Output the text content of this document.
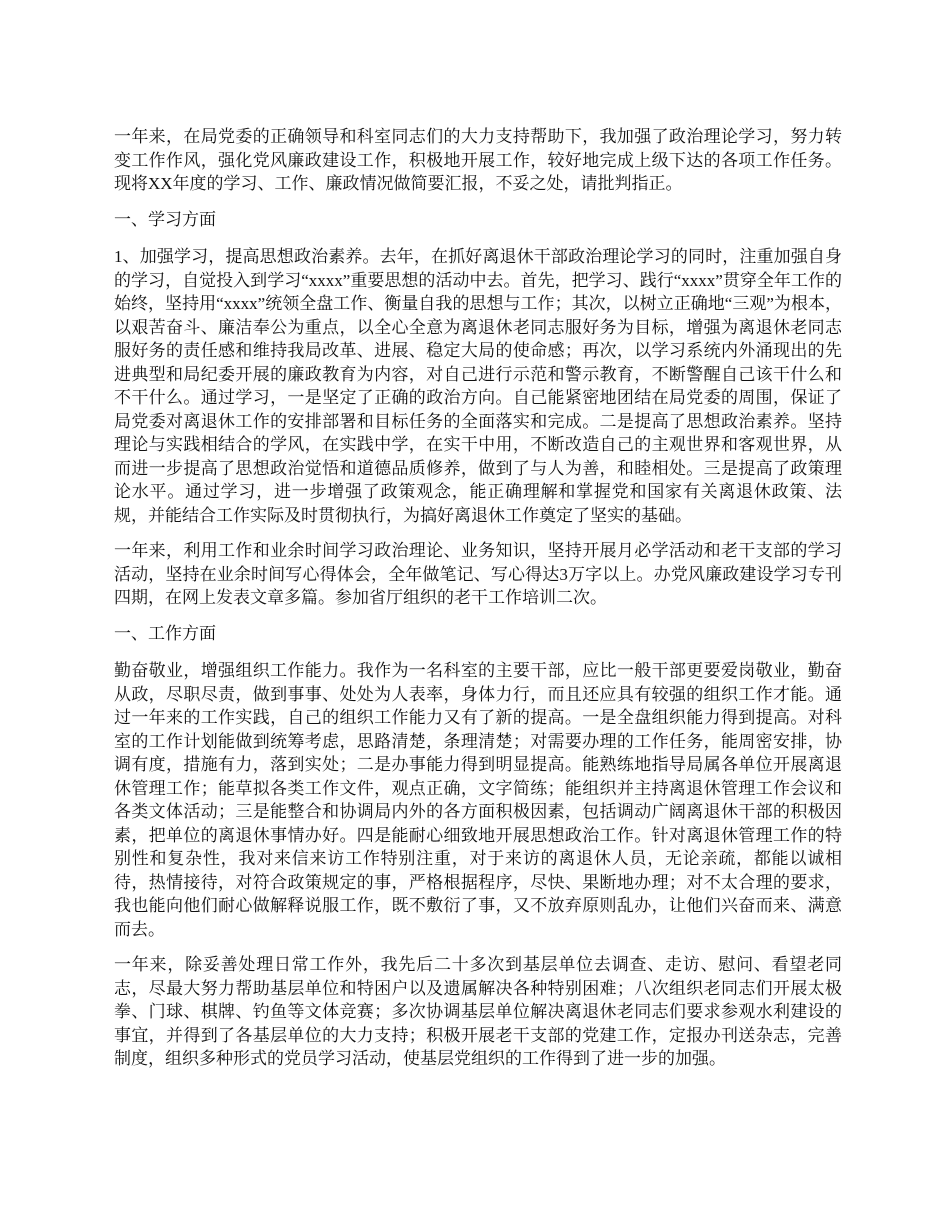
一年来，在局党委的正确领导和科室同志们的大力支持帮助下，我加强了政治理论学习，努力转变工作作风，强化党风廉政建设工作，积极地开展工作，较好地完成上级下达的各项工作任务。现将XX年度的学习、工作、廉政情况做简要汇报，不妥之处，请批判指正。

一、学习方面

1、加强学习，提高思想政治素养。去年，在抓好离退休干部政治理论学习的同时，注重加强自身的学习，自觉投入到学习“xxxx”重要思想的活动中去。首先，把学习、践行“xxxx”贯穿全年工作的始终，坚持用“xxxx”统领全盘工作、衡量自我的思想与工作；其次，以树立正确地“三观”为根本，以艰苦奋斗、廉洁奉公为重点，以全心全意为离退休老同志服好务为目标，增强为离退休老同志服好务的责任感和维持我局改革、进展、稳定大局的使命感；再次，以学习系统内外涌现出的先进典型和局纪委开展的廉政教育为内容，对自己进行示范和警示教育，不断警醒自己该干什么和不干什么。通过学习，一是坚定了正确的政治方向。自己能紧密地团结在局党委的周围，保证了局党委对离退休工作的安排部署和目标任务的全面落实和完成。二是提高了思想政治素养。坚持理论与实践相结合的学风，在实践中学，在实干中用，不断改造自己的主观世界和客观世界，从而进一步提高了思想政治觉悟和道德品质修养，做到了与人为善，和睦相处。三是提高了政策理论水平。通过学习，进一步增强了政策观念，能正确理解和掌握党和国家有关离退休政策、法规，并能结合工作实际及时贯彻执行，为搞好离退休工作奠定了坚实的基础。

一年来，利用工作和业余时间学习政治理论、业务知识，坚持开展月必学活动和老干支部的学习活动，坚持在业余时间写心得体会，全年做笔记、写心得达3万字以上。办党风廉政建设学习专刊四期，在网上发表文章多篇。参加省厅组织的老干工作培训二次。

一、工作方面

勤奋敬业，增强组织工作能力。我作为一名科室的主要干部，应比一般干部更要爱岗敬业，勤奋从政，尽职尽责，做到事事、处处为人表率，身体力行，而且还应具有较强的组织工作才能。通过一年来的工作实践，自己的组织工作能力又有了新的提高。一是全盘组织能力得到提高。对科室的工作计划能做到统筹考虑，思路清楚，条理清楚；对需要办理的工作任务，能周密安排，协调有度，措施有力，落到实处；二是办事能力得到明显提高。能熟练地指导局属各单位开展离退休管理工作；能草拟各类工作文件，观点正确，文字简练；能组织并主持离退休管理工作会议和各类文体活动；三是能整合和协调局内外的各方面积极因素，包括调动广阔离退休干部的积极因素，把单位的离退休事情办好。四是能耐心细致地开展思想政治工作。针对离退休管理工作的特别性和复杂性，我对来信来访工作特别注重，对于来访的离退休人员，无论亲疏，都能以诚相待，热情接待，对符合政策规定的事，严格根据程序，尽快、果断地办理；对不太合理的要求，我也能向他们耐心做解释说服工作，既不敷衍了事，又不放弃原则乱办，让他们兴奋而来、满意而去。

一年来，除妥善处理日常工作外，我先后二十多次到基层单位去调查、走访、慰问、看望老同志，尽最大努力帮助基层单位和特困户以及遗属解决各种特别困难；八次组织老同志们开展太极拳、门球、棋牌、钓鱼等文体竞赛；多次协调基层单位解决离退休老同志们要求参观水利建设的事宜，并得到了各基层单位的大力支持；积极开展老干支部的党建工作，定报办刊送杂志，完善制度，组织多种形式的党员学习活动，使基层党组织的工作得到了进一步的加强。
